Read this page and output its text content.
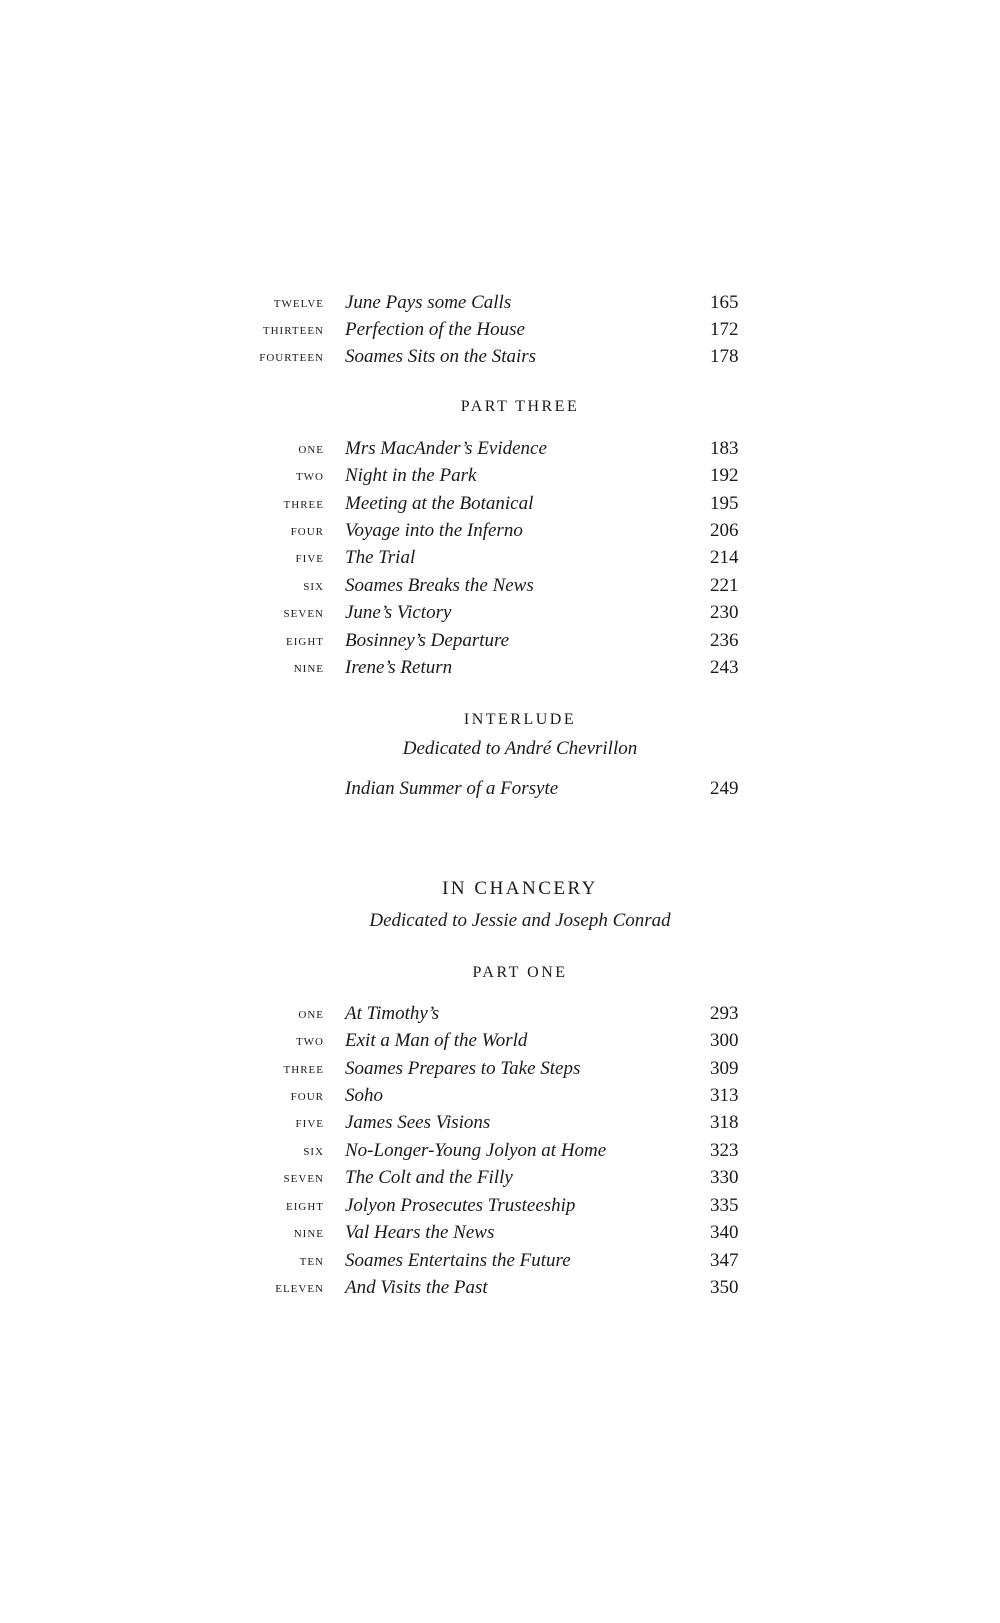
twelve June Pays some Calls	165
thirteen Perfection of the House	172
fourteen Soames Sits on the Stairs	178
PART THREE
one Mrs MacAnder’s Evidence	183
two Night in the Park	192
three Meeting at the Botanical	195
four Voyage into the Inferno	206
five The Trial	214
six Soames Breaks the News	221
seven June’s Victory	230
eight Bosinney’s Departure	236
nine Irene’s Return	243
INTERLUDE
Dedicated to André Chevrillon
Indian Summer of a Forsyte	249
IN CHANCERY
Dedicated to Jessie and Joseph Conrad
PART ONE
one At Timothy’s	293
two Exit a Man of the World	300
three Soames Prepares to Take Steps	309
four Soho	313
five James Sees Visions	318
six No-Longer-Young Jolyon at Home	323
seven The Colt and the Filly	330
eight Jolyon Prosecutes Trusteeship	335
nine Val Hears the News	340
ten Soames Entertains the Future	347
eleven And Visits the Past	350
